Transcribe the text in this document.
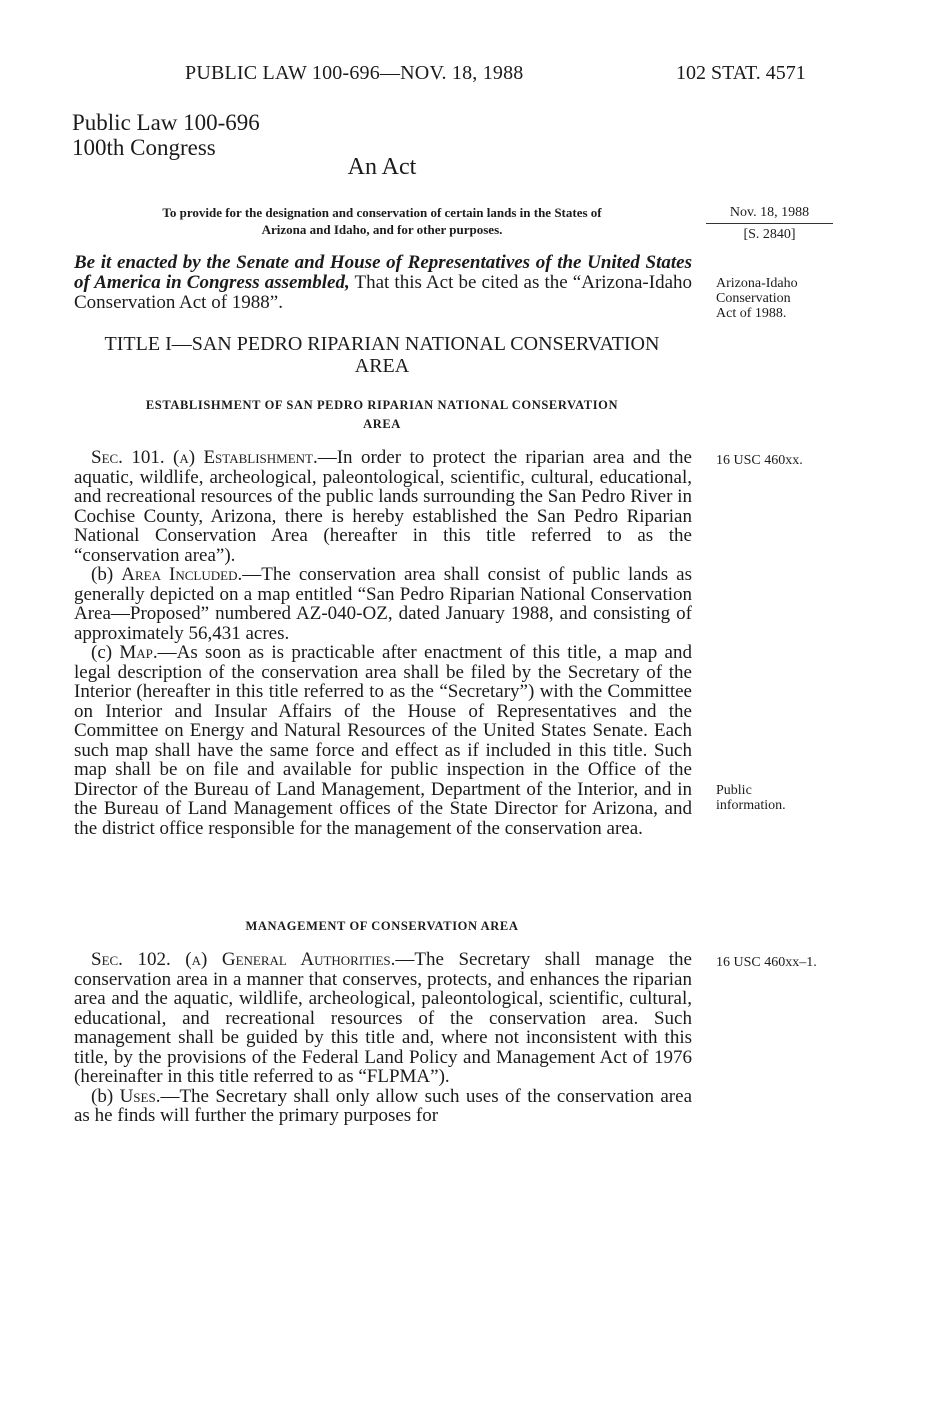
PUBLIC LAW 100-696—NOV. 18, 1988	102 STAT. 4571
Public Law 100-696
100th Congress
An Act
To provide for the designation and conservation of certain lands in the States of
Arizona and Idaho, and for other purposes.
Nov. 18, 1988
[S. 2840]
Be it enacted by the Senate and House of Representatives of the United States of America in Congress assembled, That this Act be cited as the “Arizona-Idaho Conservation Act of 1988”.
Arizona-Idaho
Conservation
Act of 1988.
TITLE I—SAN PEDRO RIPARIAN NATIONAL CONSERVATION
AREA
ESTABLISHMENT OF SAN PEDRO RIPARIAN NATIONAL CONSERVATION
AREA

Sec. 101. (a) Establishment.—In order to protect the riparian area and the aquatic, wildlife, archeological, paleontological, scientific, cultural, educational, and recreational resources of the public lands surrounding the San Pedro River in Cochise County, Arizona, there is hereby established the San Pedro Riparian National Conservation Area (hereafter in this title referred to as the “conservation area”).

(b) Area Included.—The conservation area shall consist of public lands as generally depicted on a map entitled “San Pedro Riparian National Conservation Area—Proposed” numbered AZ-040-OZ, dated January 1988, and consisting of approximately 56,431 acres.

(c) Map.—As soon as is practicable after enactment of this title, a map and legal description of the conservation area shall be filed by the Secretary of the Interior (hereafter in this title referred to as the “Secretary”) with the Committee on Interior and Insular Affairs of the House of Representatives and the Committee on Energy and Natural Resources of the United States Senate. Each such map shall have the same force and effect as if included in this title. Such map shall be on file and available for public inspection in the Office of the Director of the Bureau of Land Management, Department of the Interior, and in the Bureau of Land Management offices of the State Director for Arizona, and the district office responsible for the management of the conservation area.

16 USC 460xx.
Public
information.
MANAGEMENT OF CONSERVATION AREA

Sec. 102. (a) General Authorities.—The Secretary shall manage the conservation area in a manner that conserves, protects, and enhances the riparian area and the aquatic, wildlife, archeological, paleontological, scientific, cultural, educational, and recreational resources of the conservation area. Such management shall be guided by this title and, where not inconsistent with this title, by the provisions of the Federal Land Policy and Management Act of 1976 (hereinafter in this title referred to as “FLPMA”).

(b) Uses.—The Secretary shall only allow such uses of the conservation area as he finds will further the primary purposes for

16 USC 460xx–1.
